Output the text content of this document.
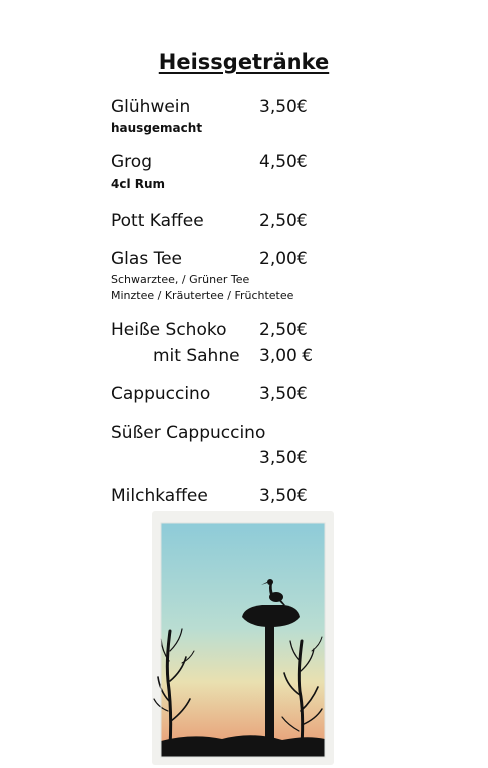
Heissgetränke
Glühwein	3,50€
hausgemacht
Grog	4,50€
4cl Rum
Pott Kaffee	2,50€
Glas Tee	2,00€
Schwarztee, / Grüner Tee
Minztee / Kräutertee / Früchtetee
Heiße Schoko 2,50€
mit Sahne 3,00 €
Cappuccino	3,50€
Süßer Cappuccino
3,50€
Milchkaffee	3,50€
